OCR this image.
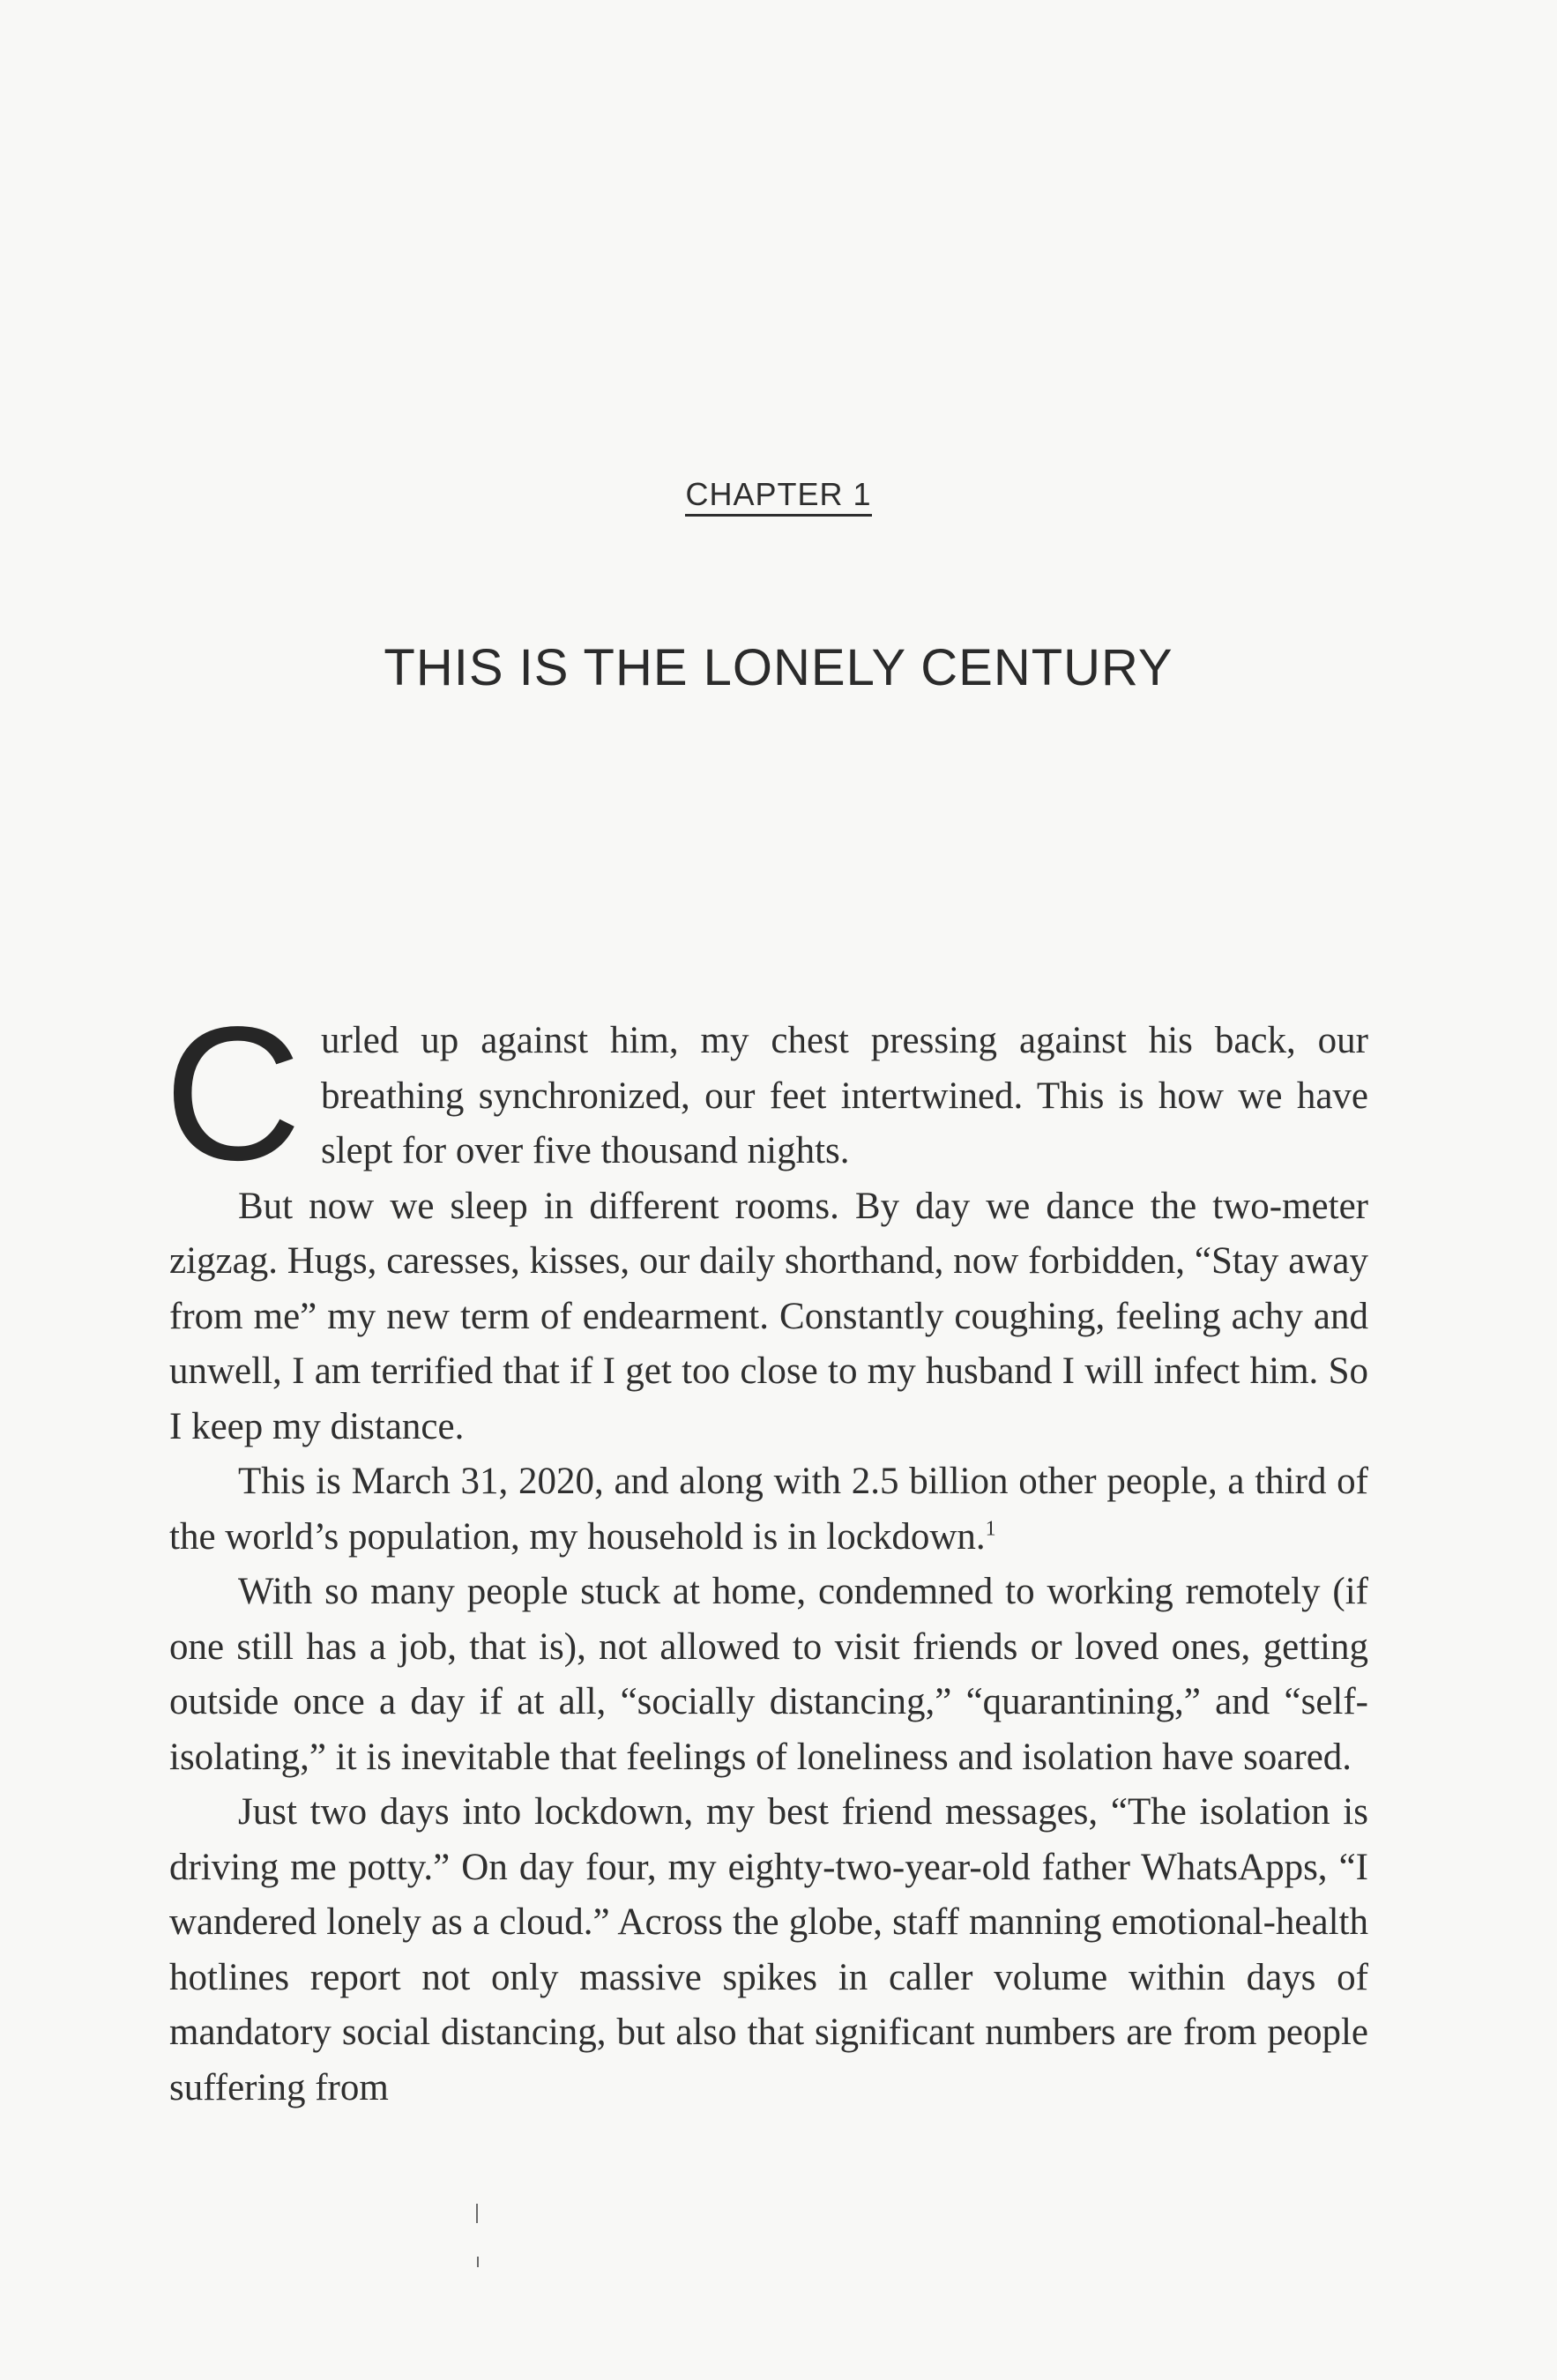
CHAPTER 1
THIS IS THE LONELY CENTURY

Curled up against him, my chest pressing against his back, our breathing synchronized, our feet intertwined. This is how we have slept for over five thousand nights.

But now we sleep in different rooms. By day we dance the two-meter zigzag. Hugs, caresses, kisses, our daily shorthand, now forbidden, “Stay away from me” my new term of endearment. Constantly coughing, feeling achy and unwell, I am terrified that if I get too close to my husband I will infect him. So I keep my distance.

This is March 31, 2020, and along with 2.5 billion other people, a third of the world’s population, my household is in lockdown.$^1$

With so many people stuck at home, condemned to working remotely (if one still has a job, that is), not allowed to visit friends or loved ones, getting outside once a day if at all, “socially distancing,” “quarantining,” and “self-isolating,” it is inevitable that feelings of loneliness and isolation have soared.

Just two days into lockdown, my best friend messages, “The isolation is driving me potty.” On day four, my eighty-two-year-old father WhatsApps, “I wandered lonely as a cloud.” Across the globe, staff manning emotional-health hotlines report not only massive spikes in caller volume within days of mandatory social distancing, but also that significant numbers are from people suffering from
